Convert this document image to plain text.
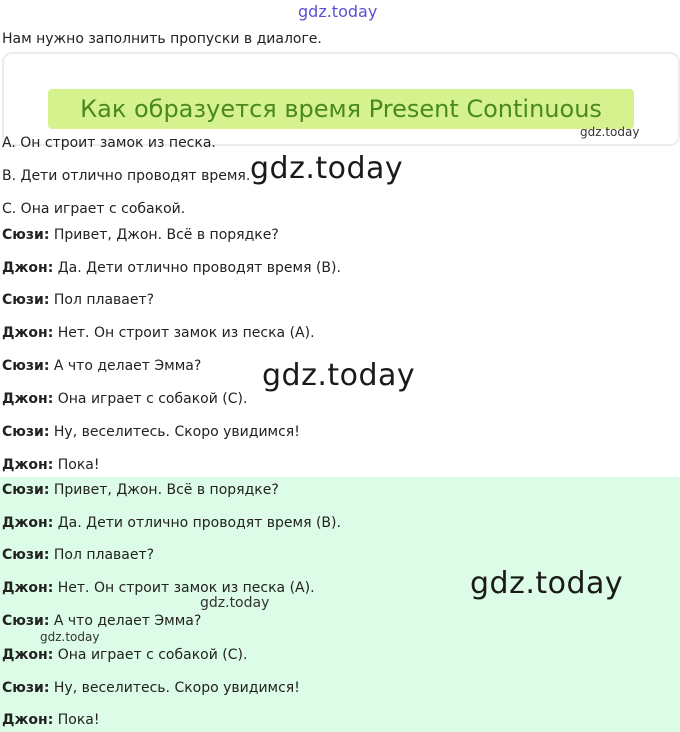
gdz.today
Нам нужно заполнить пропуски в диалоге.
Как образуется время Present Continuous
gdz.today
A. Он строит замок из песка.
B. Дети отлично проводят время. gdz.today
C. Она играет с собакой.
Сюзи: Привет, Джон. Всё в порядке?
Джон: Да. Дети отлично проводят время (B).
Сюзи: Пол плавает?
Джон: Нет. Он строит замок из песка (A).
Сюзи: А что делает Эмма? gdz.today
Джон: Она играет с собакой (C).
Сюзи: Ну, веселитесь. Скоро увидимся!
Джон: Пока!
Сюзи: Привет, Джон. Всё в порядке?
Джон: Да. Дети отлично проводят время (B).
Сюзи: Пол плавает?
gdz.today
Джон: Нет. Он строит замок из песка (A).
gdz.today
Сюзи: А что делает Эмма?
gdz.today
Джон: Она играет с собакой (C).
Сюзи: Ну, веселитесь. Скоро увидимся!
Джон: Пока!
